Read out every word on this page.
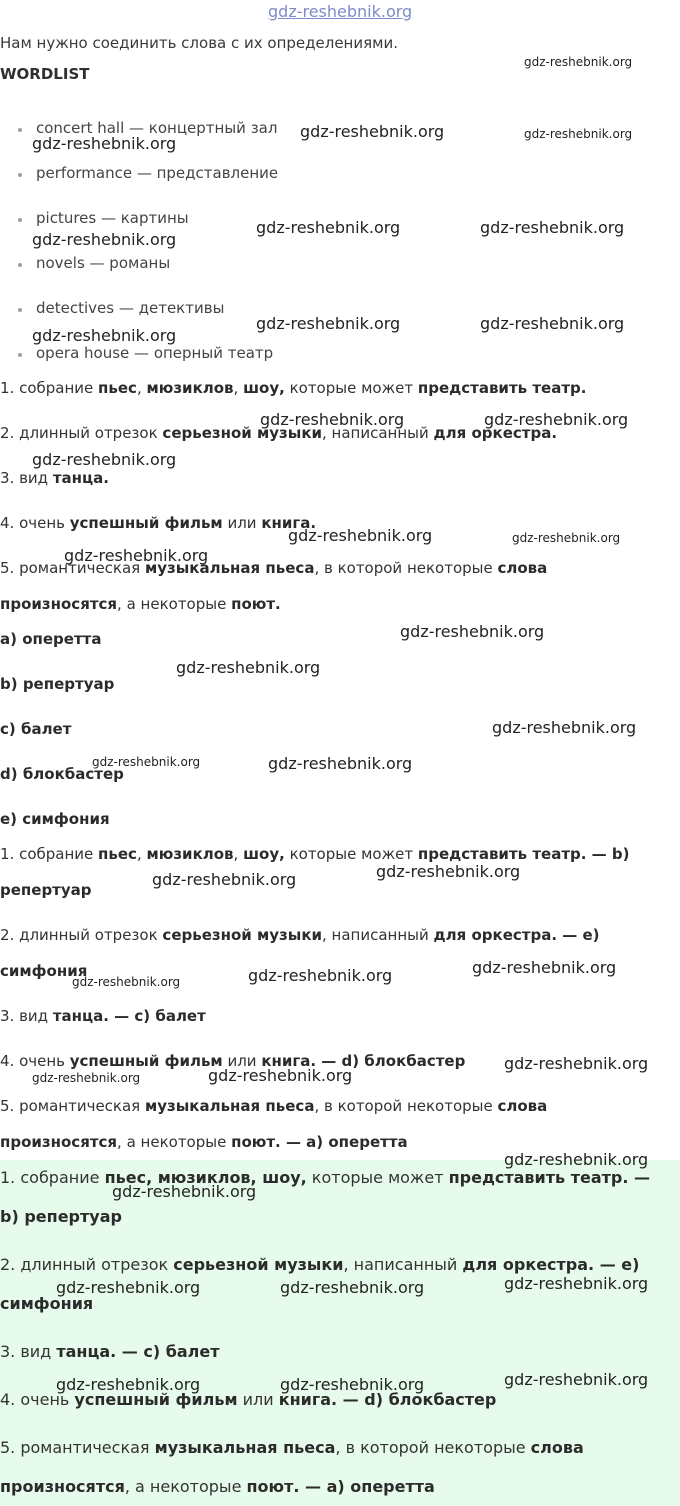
gdz-reshebnik.org
Нам нужно соединить слова с их определениями.
WORDLIST
concert hall — концертный зал
performance — представление
pictures — картины
novels — романы
detectives — детективы
opera house — оперный театр
1. собрание пьес, мюзиклов, шоу, которые может представить театр.
2. длинный отрезок серьезной музыки, написанный для оркестра.
3. вид танца.
4. очень успешный фильм или книга.
5. романтическая музыкальная пьеса, в которой некоторые слова
произносятся, а некоторые поют.
a) оперетта
b) репертуар
c) балет
d) блокбастер
e) симфония
1. собрание пьес, мюзиклов, шоу, которые может представить театр. — b)
репертуар
2. длинный отрезок серьезной музыки, написанный для оркестра. — e)
симфония
3. вид танца. — c) балет
4. очень успешный фильм или книга. — d) блокбастер
5. романтическая музыкальная пьеса, в которой некоторые слова
произносятся, а некоторые поют. — a) оперетта
1. собрание пьес, мюзиклов, шоу, которые может представить театр. —
b) репертуар
2. длинный отрезок серьезной музыки, написанный для оркестра. — e)
симфония
3. вид танца. — c) балет
4. очень успешный фильм или книга. — d) блокбастер
5. романтическая музыкальная пьеса, в которой некоторые слова
произносятся, а некоторые поют. — a) оперетта
gdz-reshebnik.org
gdz-reshebnik.org	gdz-reshebnik.org
gdz-reshebnik.org
gdz-reshebnik.org	gdz-reshebnik.org
gdz-reshebnik.org
gdz-reshebnik.org	gdz-reshebnik.org
gdz-reshebnik.org
gdz-reshebnik.org	gdz-reshebnik.org
gdz-reshebnik.org
gdz-reshebnik.org	gdz-reshebnik.org
gdz-reshebnik.org
gdz-reshebnik.org
gdz-reshebnik.org
gdz-reshebnik.org
gdz-reshebnik.org	gdz-reshebnik.org
gdz-reshebnik.org
gdz-reshebnik.org
gdz-reshebnik.org
gdz-reshebnik.org
gdz-reshebnik.org
gdz-reshebnik.org
gdz-reshebnik.org
gdz-reshebnik.org
gdz-reshebnik.org
gdz-reshebnik.org
gdz-reshebnik.org
gdz-reshebnik.org	gdz-reshebnik.org
gdz-reshebnik.org
gdz-reshebnik.org	gdz-reshebnik.org
